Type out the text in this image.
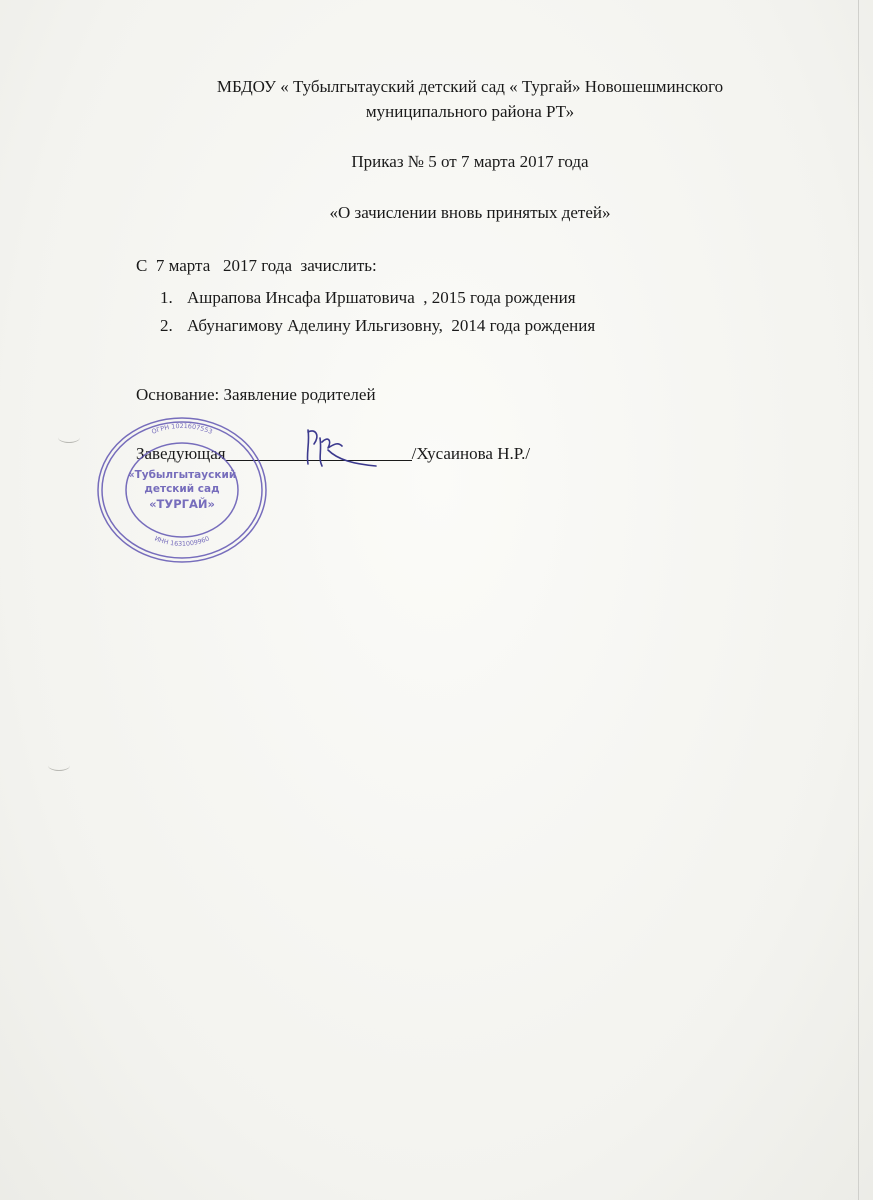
МБДОУ « Тубылгытауский детский сад « Тургай» Новошешминского
муниципального района РТ»
Приказ № 5 от 7 марта 2017 года
«О зачислении вновь принятых детей»
С  7 марта   2017 года  зачислить:
1. Ашрапова Инсафа Иршатовича  , 2015 года рождения
2. Абунагимову Аделину Ильгизовну,  2014 года рождения
Основание: Заявление родителей
Заведующая	/Хусаинова Н.Р./
ОГРН 1021607553
ИНН 1631009960
«Тубылгытауский
детский сад
«ТУРГАЙ»
